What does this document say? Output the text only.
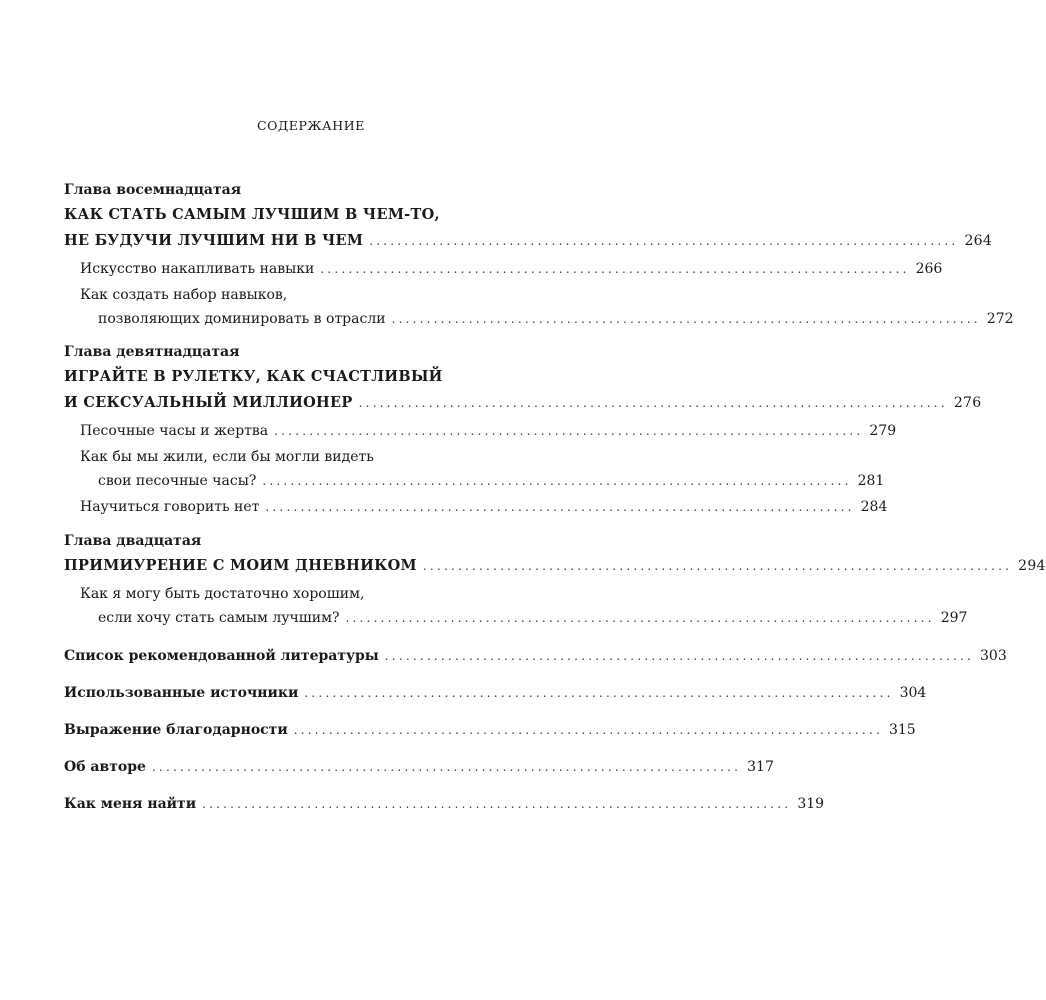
СОДЕРЖАНИЕ
Глава восемнадцатая
КАК СТАТЬ САМЫМ ЛУЧШИМ В ЧЕМ-ТО,
НЕ БУДУЧИ ЛУЧШИМ НИ В ЧЕМ .................................................................................... 264
Искусство накапливать навыки .................................................................................... 266
Как создать набор навыков,
позволяющих доминировать в отрасли .................................................................................... 272
Глава девятнадцатая
ИГРАЙТЕ В РУЛЕТКУ, КАК СЧАСТЛИВЫЙ
И СЕКСУАЛЬНЫЙ МИЛЛИОНЕР .................................................................................... 276
Песочные часы и жертва .................................................................................... 279
Как бы мы жили, если бы могли видеть
свои песочные часы? .................................................................................... 281
Научиться говорить нет .................................................................................... 284
Глава двадцатая
ПРИМИУРЕНИЕ С МОИМ ДНЕВНИКОМ .................................................................................... 294
Как я могу быть достаточно хорошим,
если хочу стать самым лучшим? .................................................................................... 297
Список рекомендованной литературы .................................................................................... 303
Использованные источники .................................................................................... 304
Выражение благодарности .................................................................................... 315
Об авторе .................................................................................... 317
Как меня найти .................................................................................... 319
